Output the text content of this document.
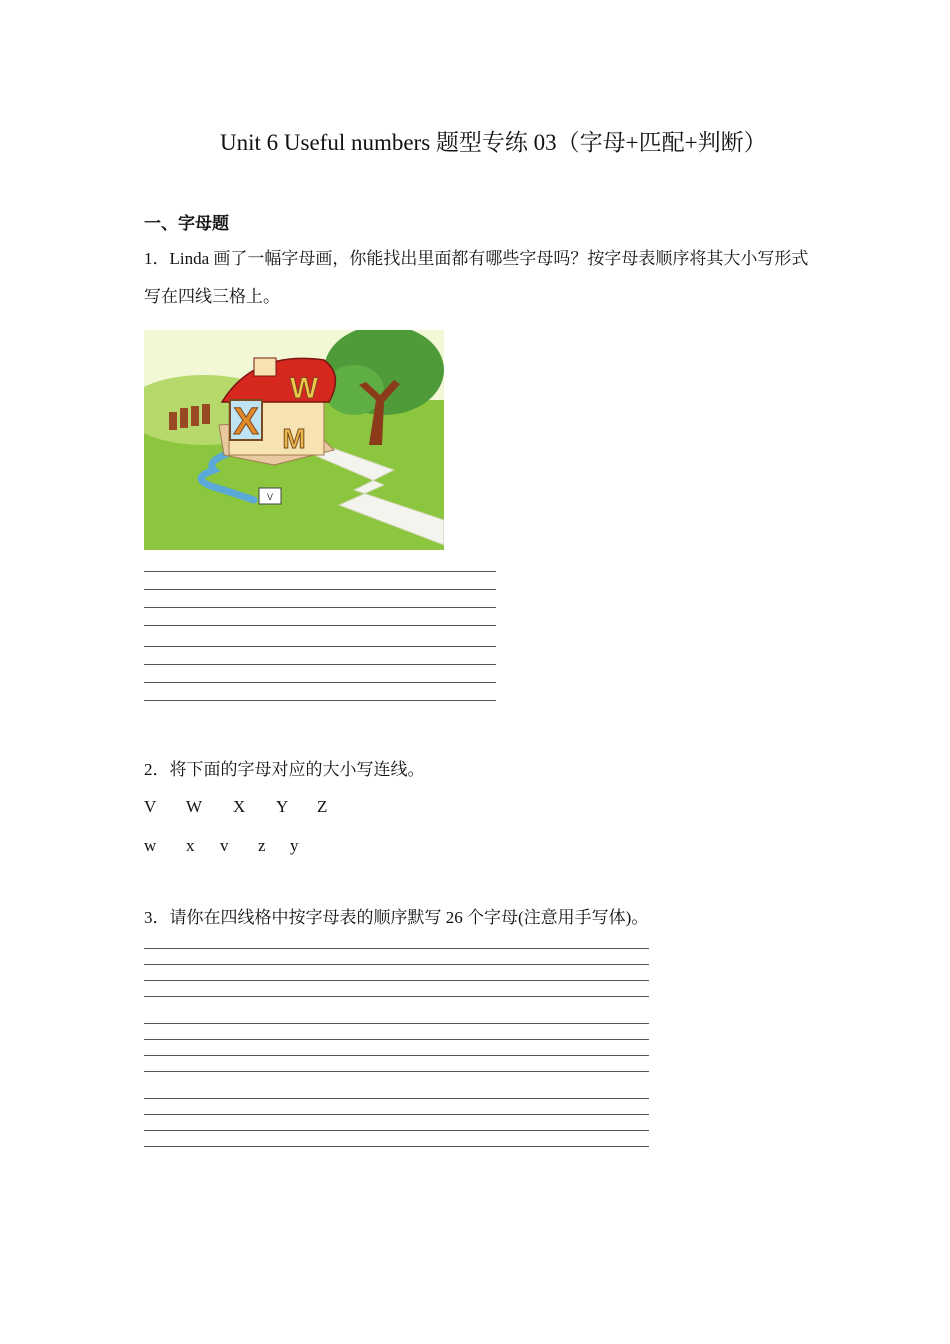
Unit 6 Useful numbers 题型专练 03（字母+匹配+判断）
一、字母题
1．Linda 画了一幅字母画，你能找出里面都有哪些字母吗？按字母表顺序将其大小写形式写在四线三格上。
X M
W
V
2．将下面的字母对应的大小写连线。
V W X Y Z
w x v z y
3．请你在四线格中按字母表的顺序默写 26 个字母(注意用手写体)。
